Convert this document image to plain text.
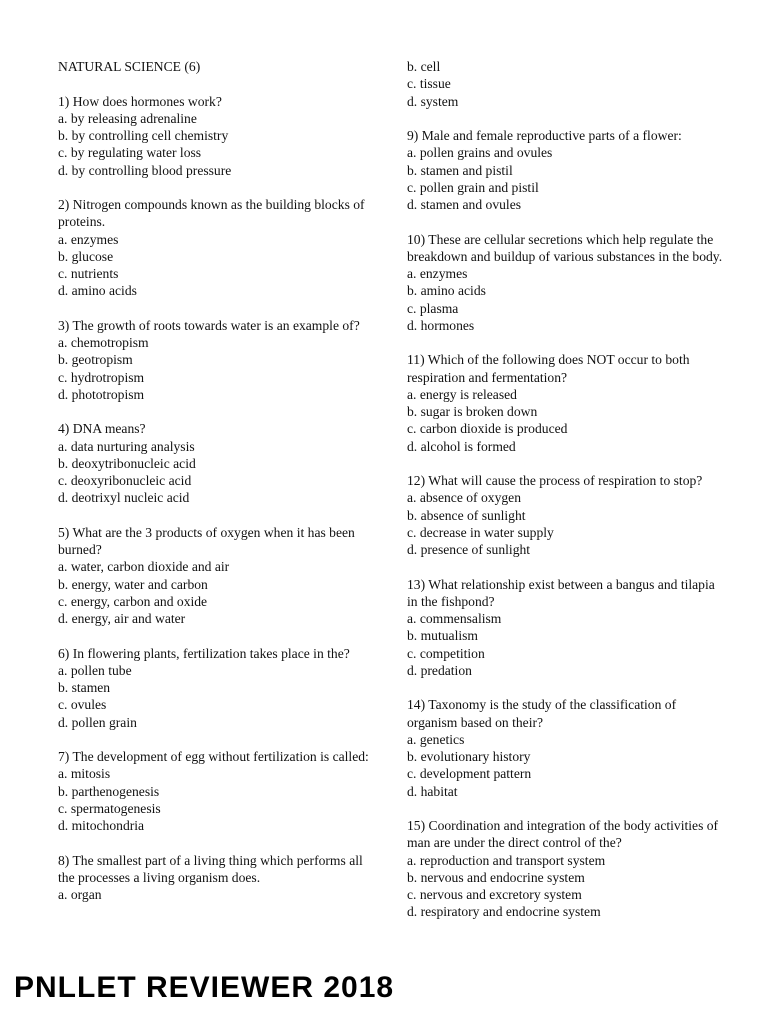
NATURAL SCIENCE (6)
1) How does hormones work?
a. by releasing adrenaline
b. by controlling cell chemistry
c. by regulating water loss
d. by controlling blood pressure
2) Nitrogen compounds known as the building blocks of proteins.
a. enzymes
b. glucose
c. nutrients
d. amino acids
3) The growth of roots towards water is an example of?
a. chemotropism
b. geotropism
c. hydrotropism
d. phototropism
4) DNA means?
a. data nurturing analysis
b. deoxytribonucleic acid
c. deoxyribonucleic acid
d. deotrixyl nucleic acid
5) What are the 3 products of oxygen when it has been burned?
a. water, carbon dioxide and air
b. energy, water and carbon
c. energy, carbon and oxide
d. energy, air and water
6) In flowering plants, fertilization takes place in the?
a. pollen tube
b. stamen
c. ovules
d. pollen grain
7) The development of egg without fertilization is called:
a. mitosis
b. parthenogenesis
c. spermatogenesis
d. mitochondria
8) The smallest part of a living thing which performs all the processes a living organism does.
a. organ
b. cell
c. tissue
d. system
9) Male and female reproductive parts of a flower:
a. pollen grains and ovules
b. stamen and pistil
c. pollen grain and pistil
d. stamen and ovules
10) These are cellular secretions which help regulate the breakdown and buildup of various substances in the body.
a. enzymes
b. amino acids
c. plasma
d. hormones
11) Which of the following does NOT occur to both respiration and fermentation?
a. energy is released
b. sugar is broken down
c. carbon dioxide is produced
d. alcohol is formed
12) What will cause the process of respiration to stop?
a. absence of oxygen
b. absence of sunlight
c. decrease in water supply
d. presence of sunlight
13) What relationship exist between a bangus and tilapia in the fishpond?
a. commensalism
b. mutualism
c. competition
d. predation
14) Taxonomy is the study of the classification of organism based on their?
a. genetics
b. evolutionary history
c. development pattern
d. habitat
15) Coordination and integration of the body activities of man are under the direct control of the?
a. reproduction and transport system
b. nervous and endocrine system
c. nervous and excretory system
d. respiratory and endocrine system
PNLLET REVIEWER 2018
